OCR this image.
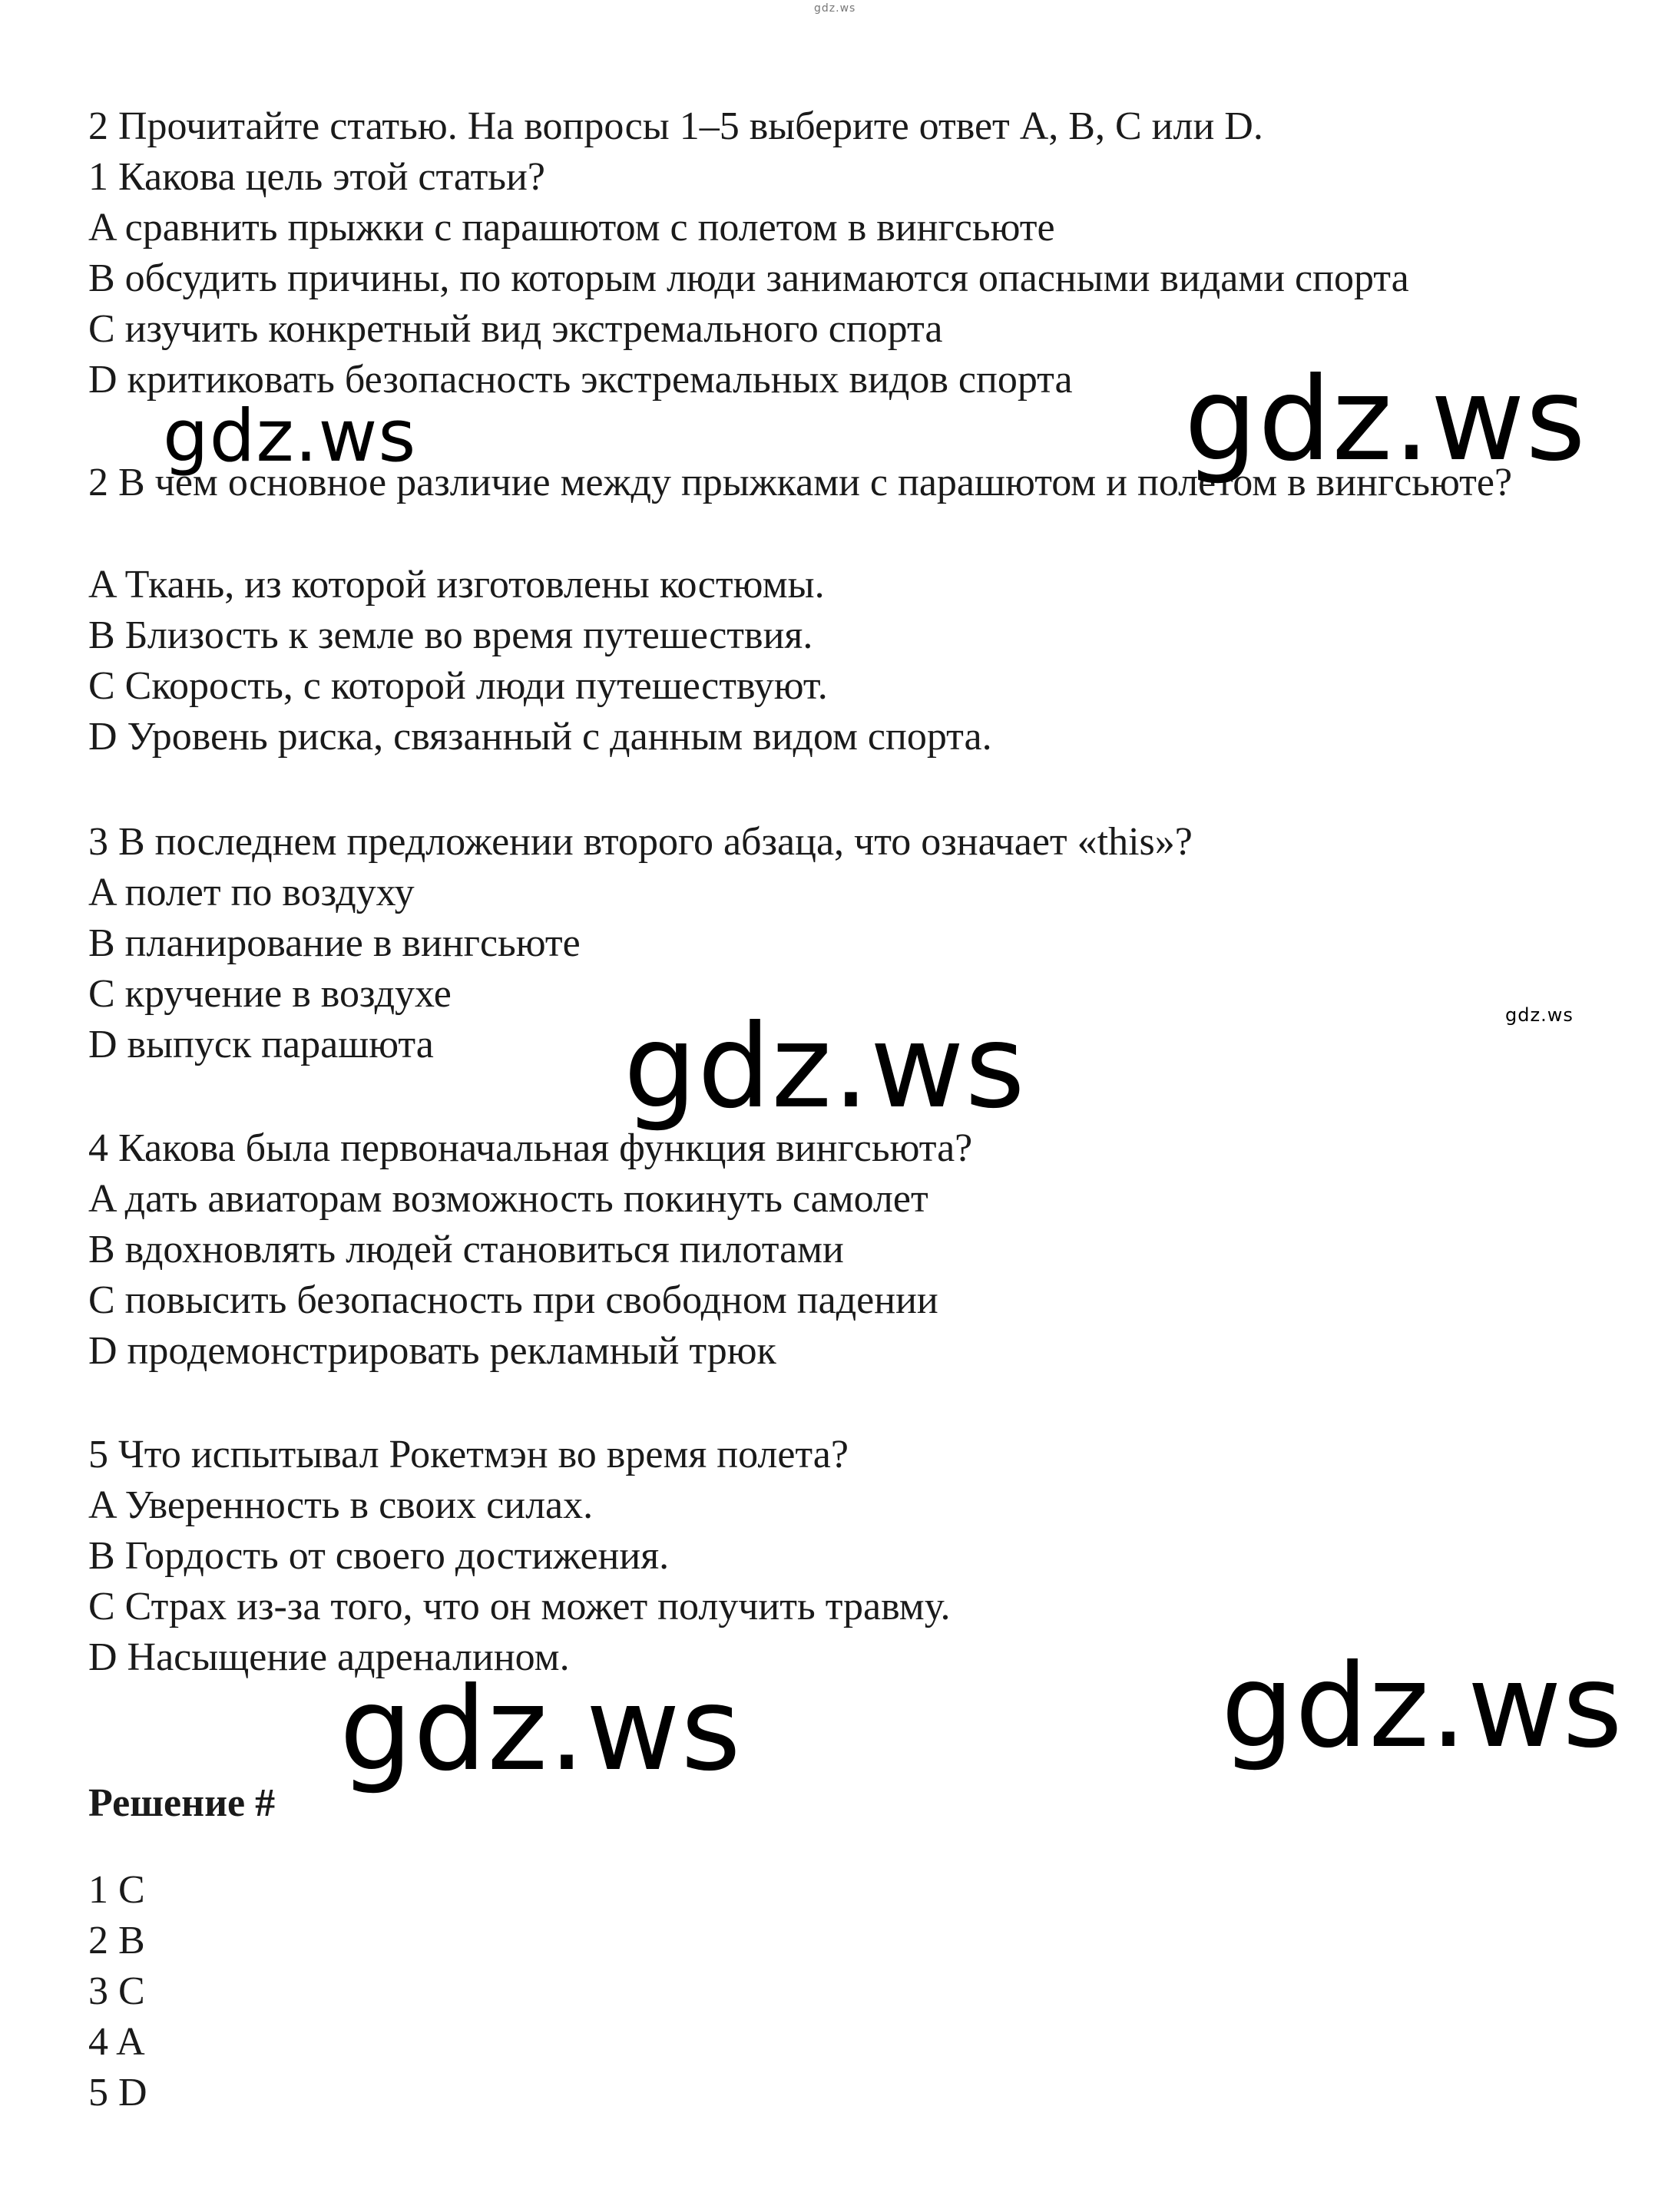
gdz.ws
2 Прочитайте статью. На вопросы 1–5 выберите ответ A, B, C или D.
1 Какова цель этой статьи?
A сравнить прыжки с парашютом с полетом в вингсьюте
B обсудить причины, по которым люди занимаются опасными видами спорта
C изучить конкретный вид экстремального спорта
D критиковать безопасность экстремальных видов спорта
2 В чем основное различие между прыжками с парашютом и полетом в вингсьюте?
A Ткань, из которой изготовлены костюмы.
B Близость к земле во время путешествия.
C Скорость, с которой люди путешествуют.
D Уровень риска, связанный с данным видом спорта.
3 В последнем предложении второго абзаца, что означает «this»?
A полет по воздуху
B планирование в вингсьюте
C кручение в воздухе
D выпуск парашюта
4 Какова была первоначальная функция вингсьюта?
A дать авиаторам возможность покинуть самолет
B вдохновлять людей становиться пилотами
C повысить безопасность при свободном падении
D продемонстрировать рекламный трюк
5 Что испытывал Рокетмэн во время полета?
A Уверенность в своих силах.
B Гордость от своего достижения.
C Страх из-за того, что он может получить травму.
D Насыщение адреналином.
Решение #
1 C
2 B
3 C
4 A
5 D
gdz.ws	gdz.ws
gdz.ws
gdz.ws
gdz.ws	gdz.ws
